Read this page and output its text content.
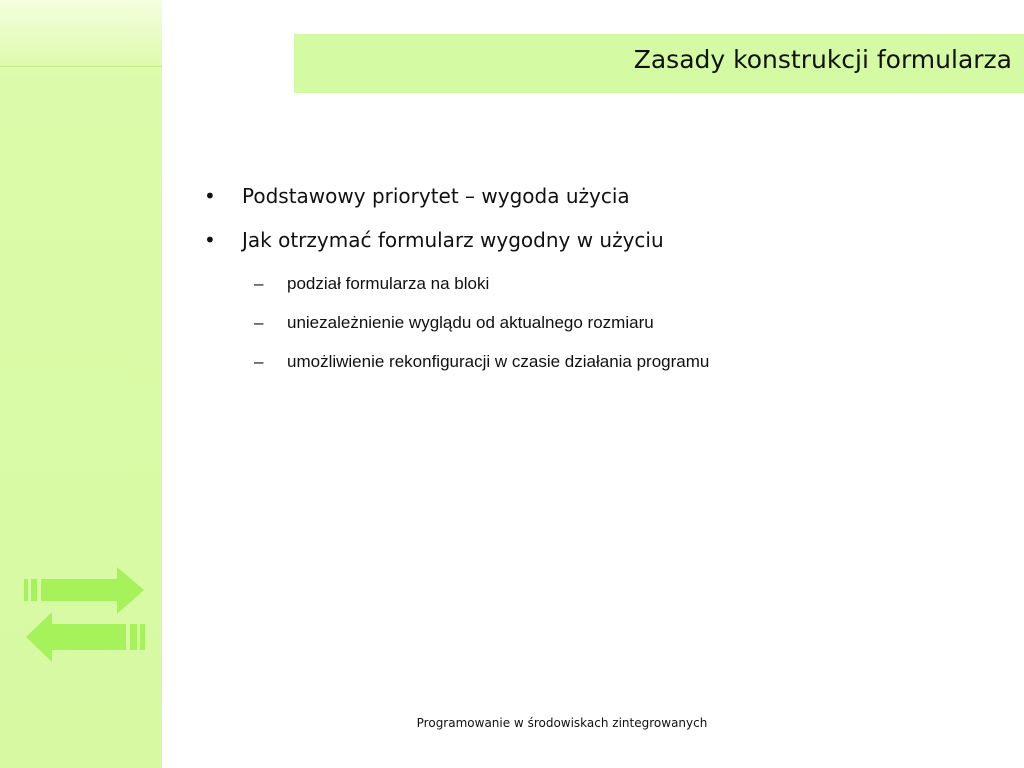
Zasady konstrukcji formularza
• Podstawowy priorytet – wygoda użycia
• Jak otrzymać formularz wygodny w użyciu
– podział formularza na bloki
– uniezależnienie wyglądu od aktualnego rozmiaru
– umożliwienie rekonfiguracji w czasie działania programu
Programowanie w środowiskach zintegrowanych
